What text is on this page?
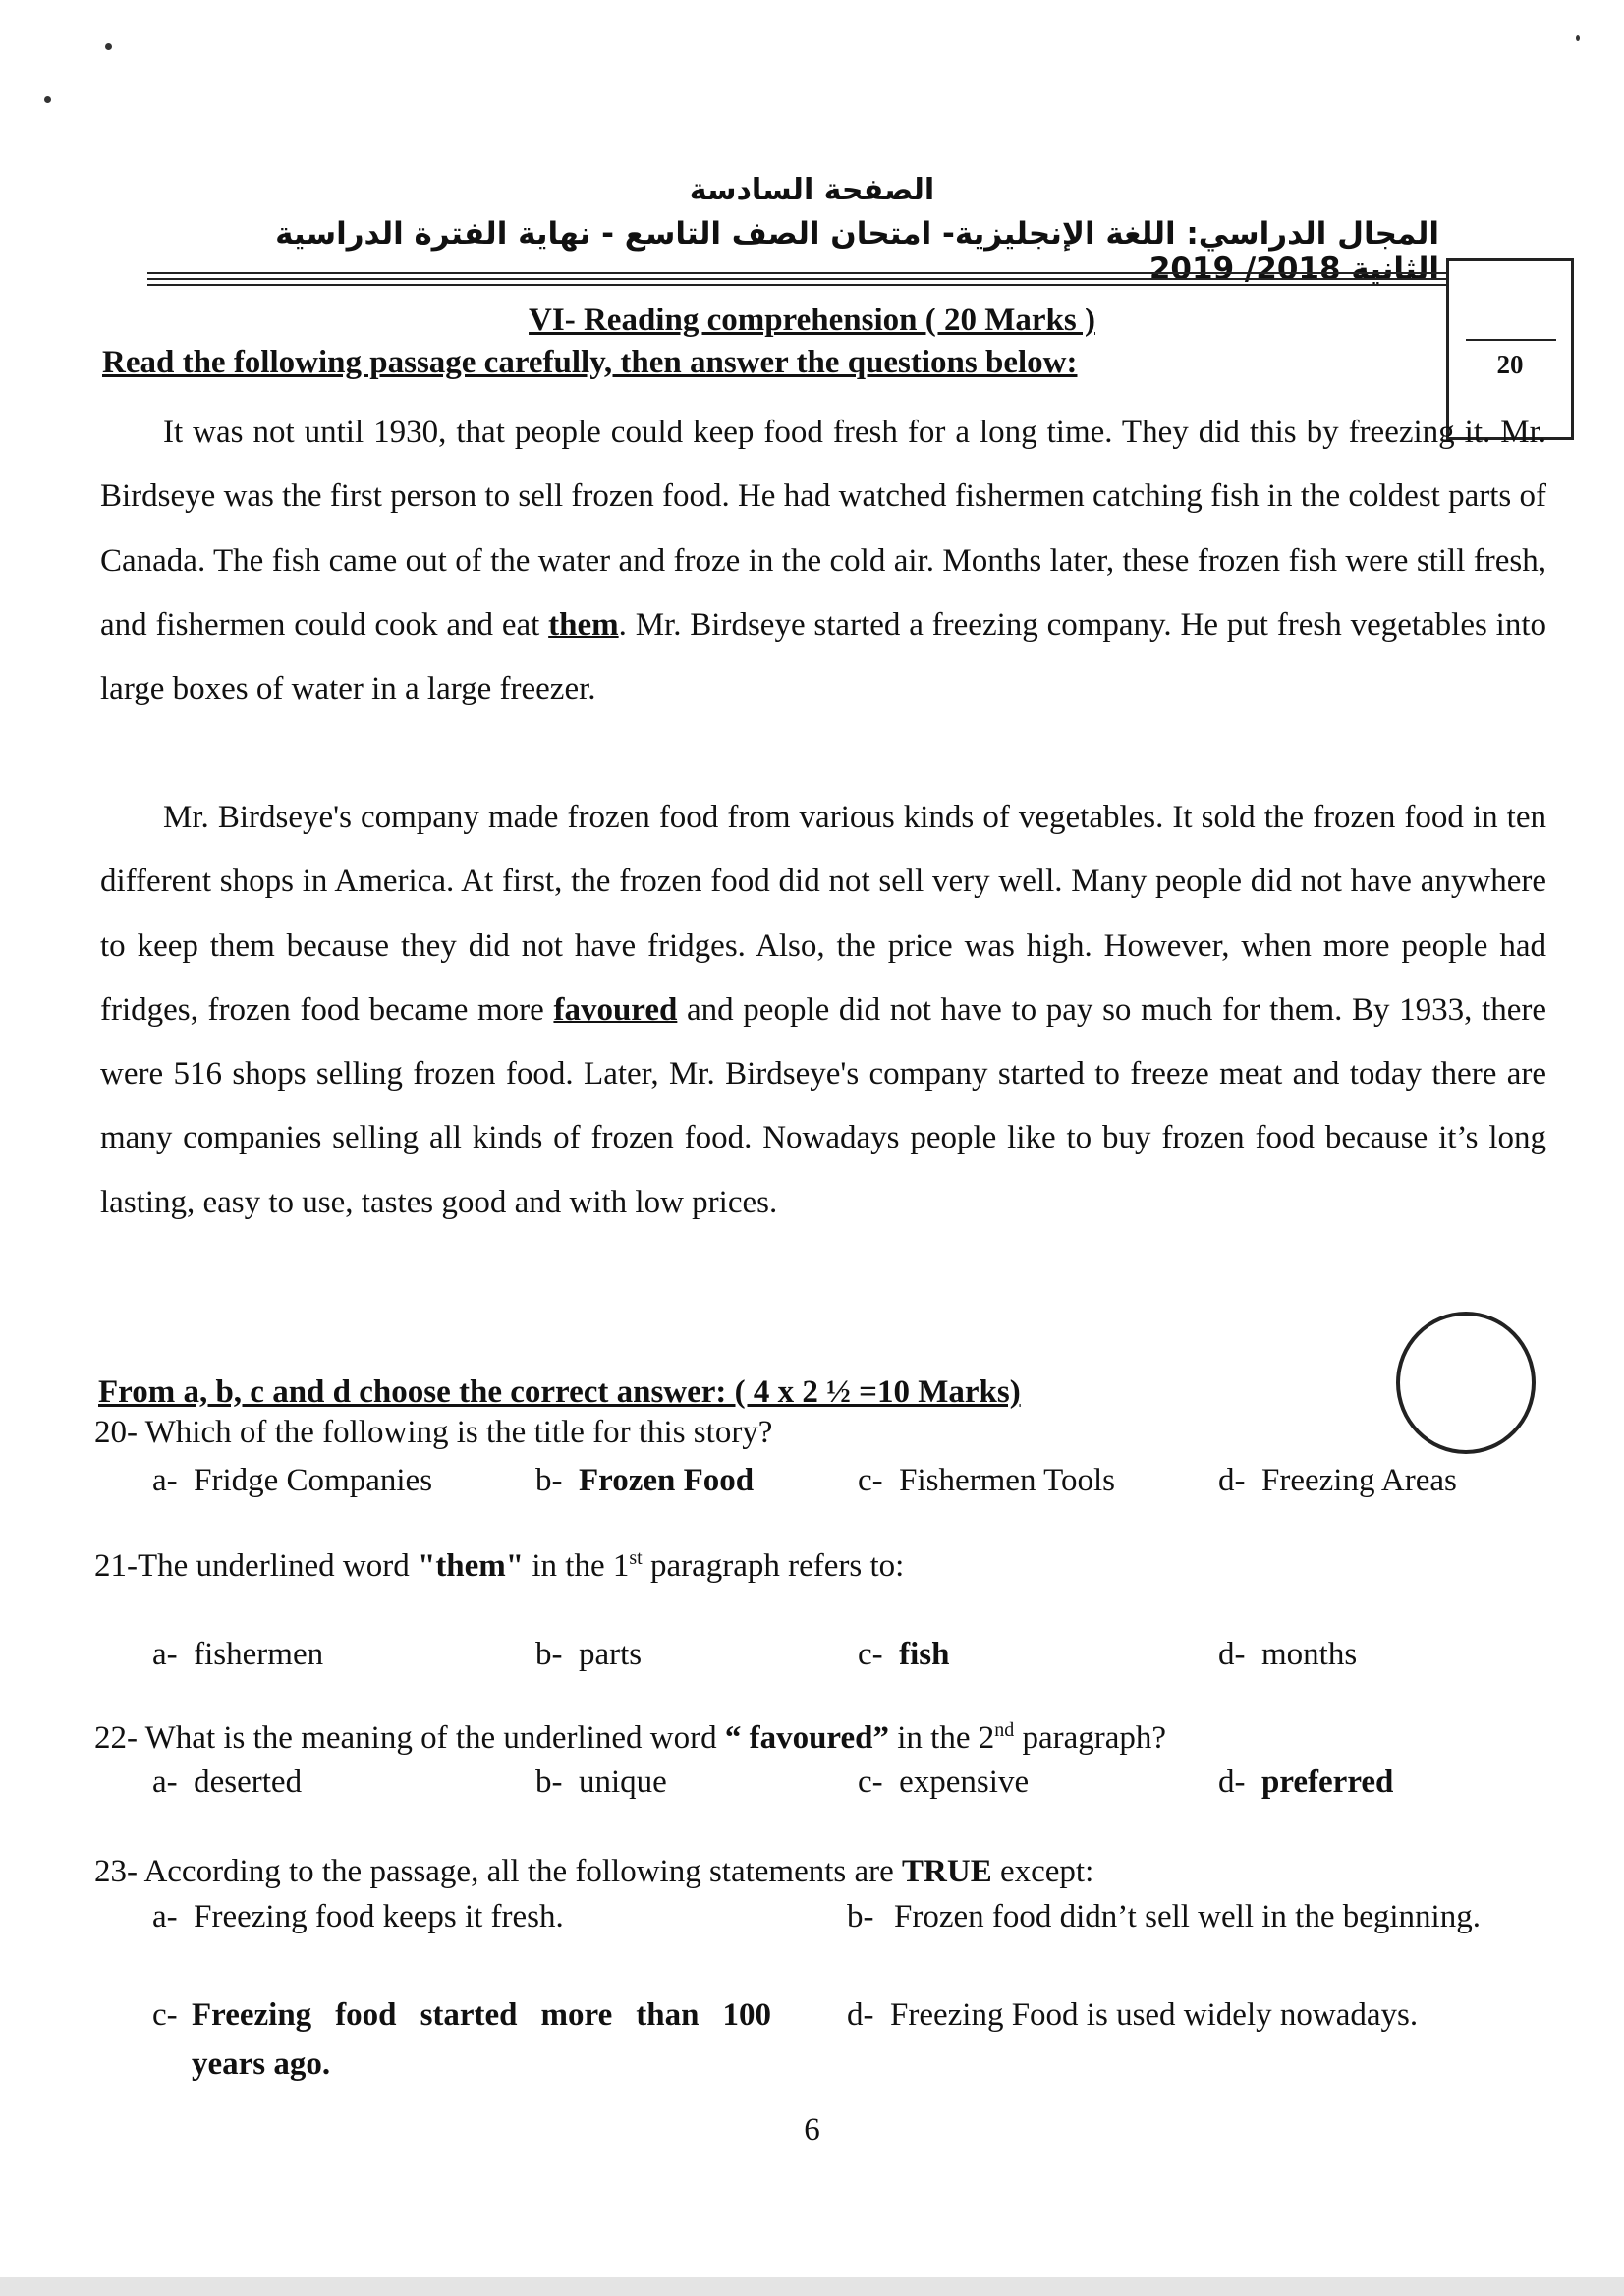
الصفحة السادسة
المجال الدراسي: اللغة الإنجليزية- امتحان الصف التاسع - نهاية الفترة الدراسية الثانية 2018/ 2019
20
VI- Reading comprehension ( 20 Marks )
Read the following passage carefully, then answer the questions below:

It was not until 1930, that people could keep food fresh for a long time. They did this by freezing it. Mr. Birdseye was the first person to sell frozen food. He had watched fishermen catching fish in the coldest parts of Canada. The fish came out of the water and froze in the cold air. Months later, these frozen fish were still fresh, and fishermen could cook and eat them. Mr. Birdseye started a freezing company. He put fresh vegetables into large boxes of water in a large freezer.

Mr. Birdseye's company made frozen food from various kinds of vegetables. It sold the frozen food in ten different shops in America. At first, the frozen food did not sell very well. Many people did not have anywhere to keep them because they did not have fridges. Also, the price was high. However, when more people had fridges, frozen food became more favoured and people did not have to pay so much for them. By 1933, there were 516 shops selling frozen food. Later, Mr. Birdseye's company started to freeze meat and today there are many companies selling all kinds of frozen food. Nowadays people like to buy frozen food because it’s long lasting, easy to use, tastes good and with low prices.

From a, b, c and d choose the correct answer: ( 4 x 2 ½ =10 Marks)
20- Which of the following is the title for this story?
a- Fridge Companies	b- Frozen Food	c- Fishermen Tools	d- Freezing Areas
21-The underlined word "them" in the 1st paragraph refers to:
a- fishermen	b- parts	c- fish	d- months
22- What is the meaning of the underlined word “ favoured” in the 2nd paragraph?
a- deserted	b- unique	c- expensive	d- preferred
23- According to the passage, all the following statements are TRUE except:
a- Freezing food keeps it fresh.	b- Frozen food didn’t sell well in the beginning.
c- Freezing food started more than 100 years ago.
d- Freezing Food is used widely nowadays.
6
